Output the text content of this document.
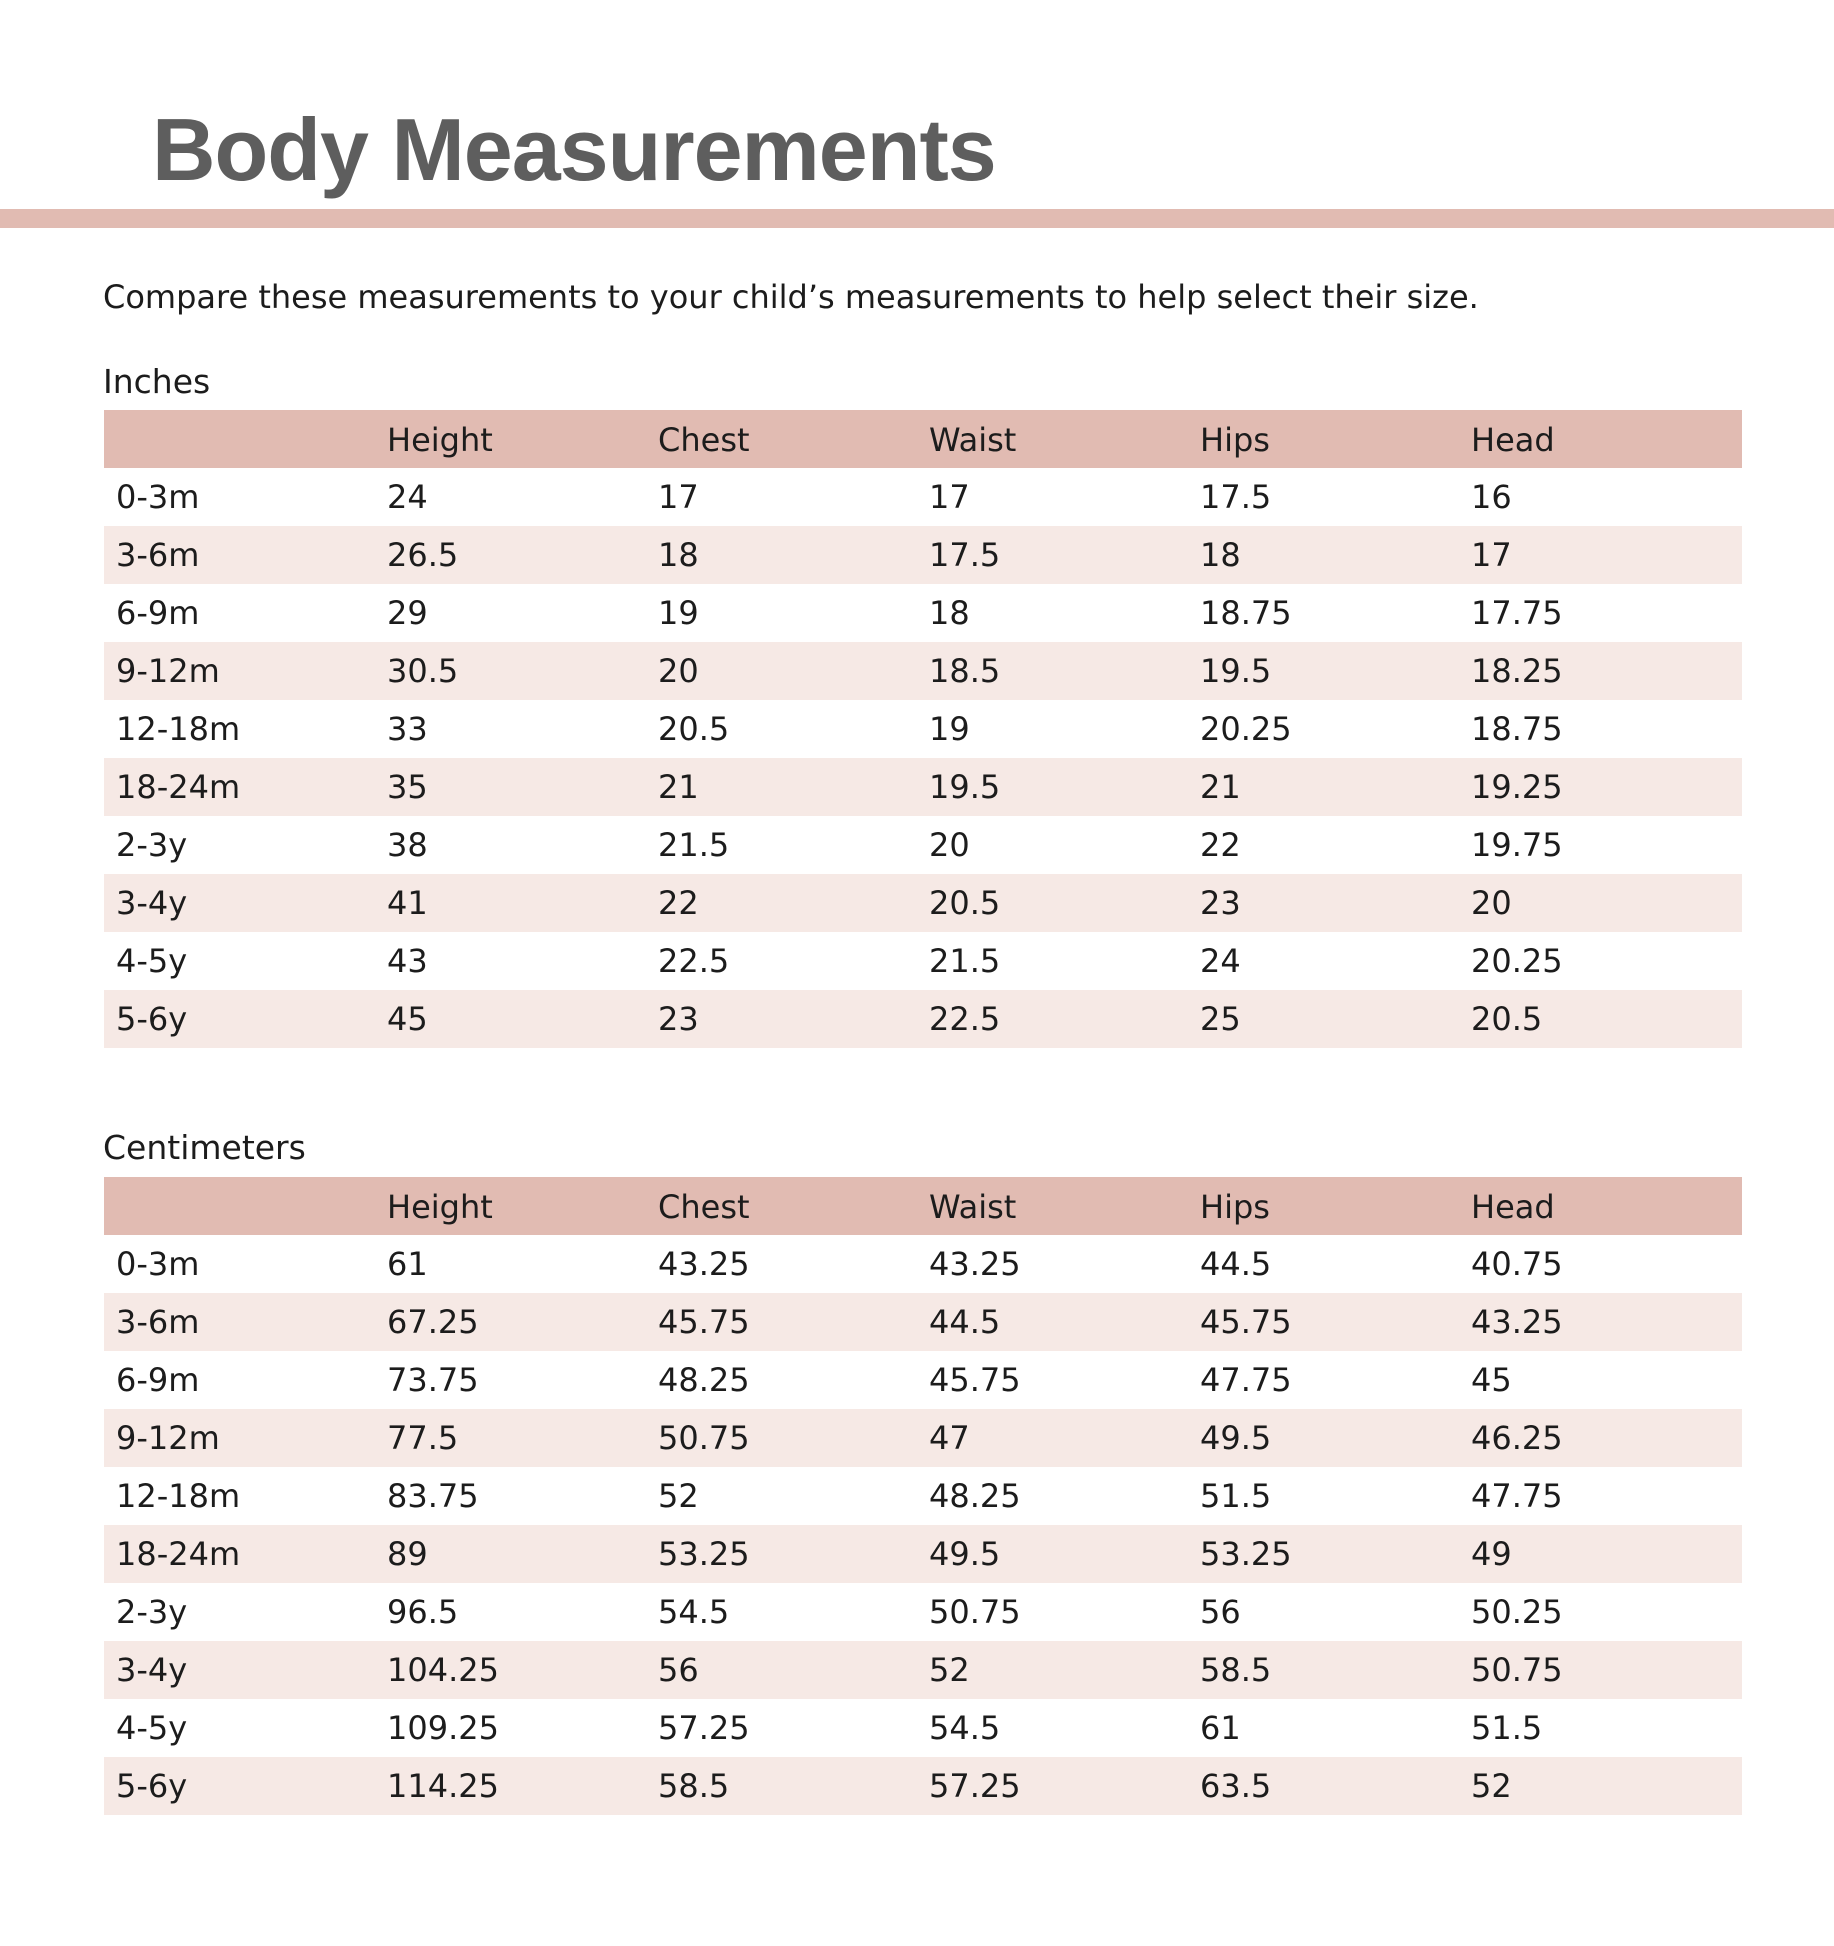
Body Measurements

Compare these measurements to your child’s measurements to help select their size.

Inches
	Height	Chest	Waist	Hips	Head
0-3m	24	17	17	17.5	16
3-6m	26.5	18	17.5	18	17
6-9m	29	19	18	18.75	17.75
9-12m	30.5	20	18.5	19.5	18.25
12-18m	33	20.5	19	20.25	18.75
18-24m	35	21	19.5	21	19.25
2-3y	38	21.5	20	22	19.75
3-4y	41	22	20.5	23	20
4-5y	43	22.5	21.5	24	20.25
5-6y	45	23	22.5	25	20.5
Centimeters
	Height	Chest	Waist	Hips	Head
0-3m	61	43.25	43.25	44.5	40.75
3-6m	67.25	45.75	44.5	45.75	43.25
6-9m	73.75	48.25	45.75	47.75	45
9-12m	77.5	50.75	47	49.5	46.25
12-18m	83.75	52	48.25	51.5	47.75
18-24m	89	53.25	49.5	53.25	49
2-3y	96.5	54.5	50.75	56	50.25
3-4y	104.25	56	52	58.5	50.75
4-5y	109.25	57.25	54.5	61	51.5
5-6y	114.25	58.5	57.25	63.5	52
